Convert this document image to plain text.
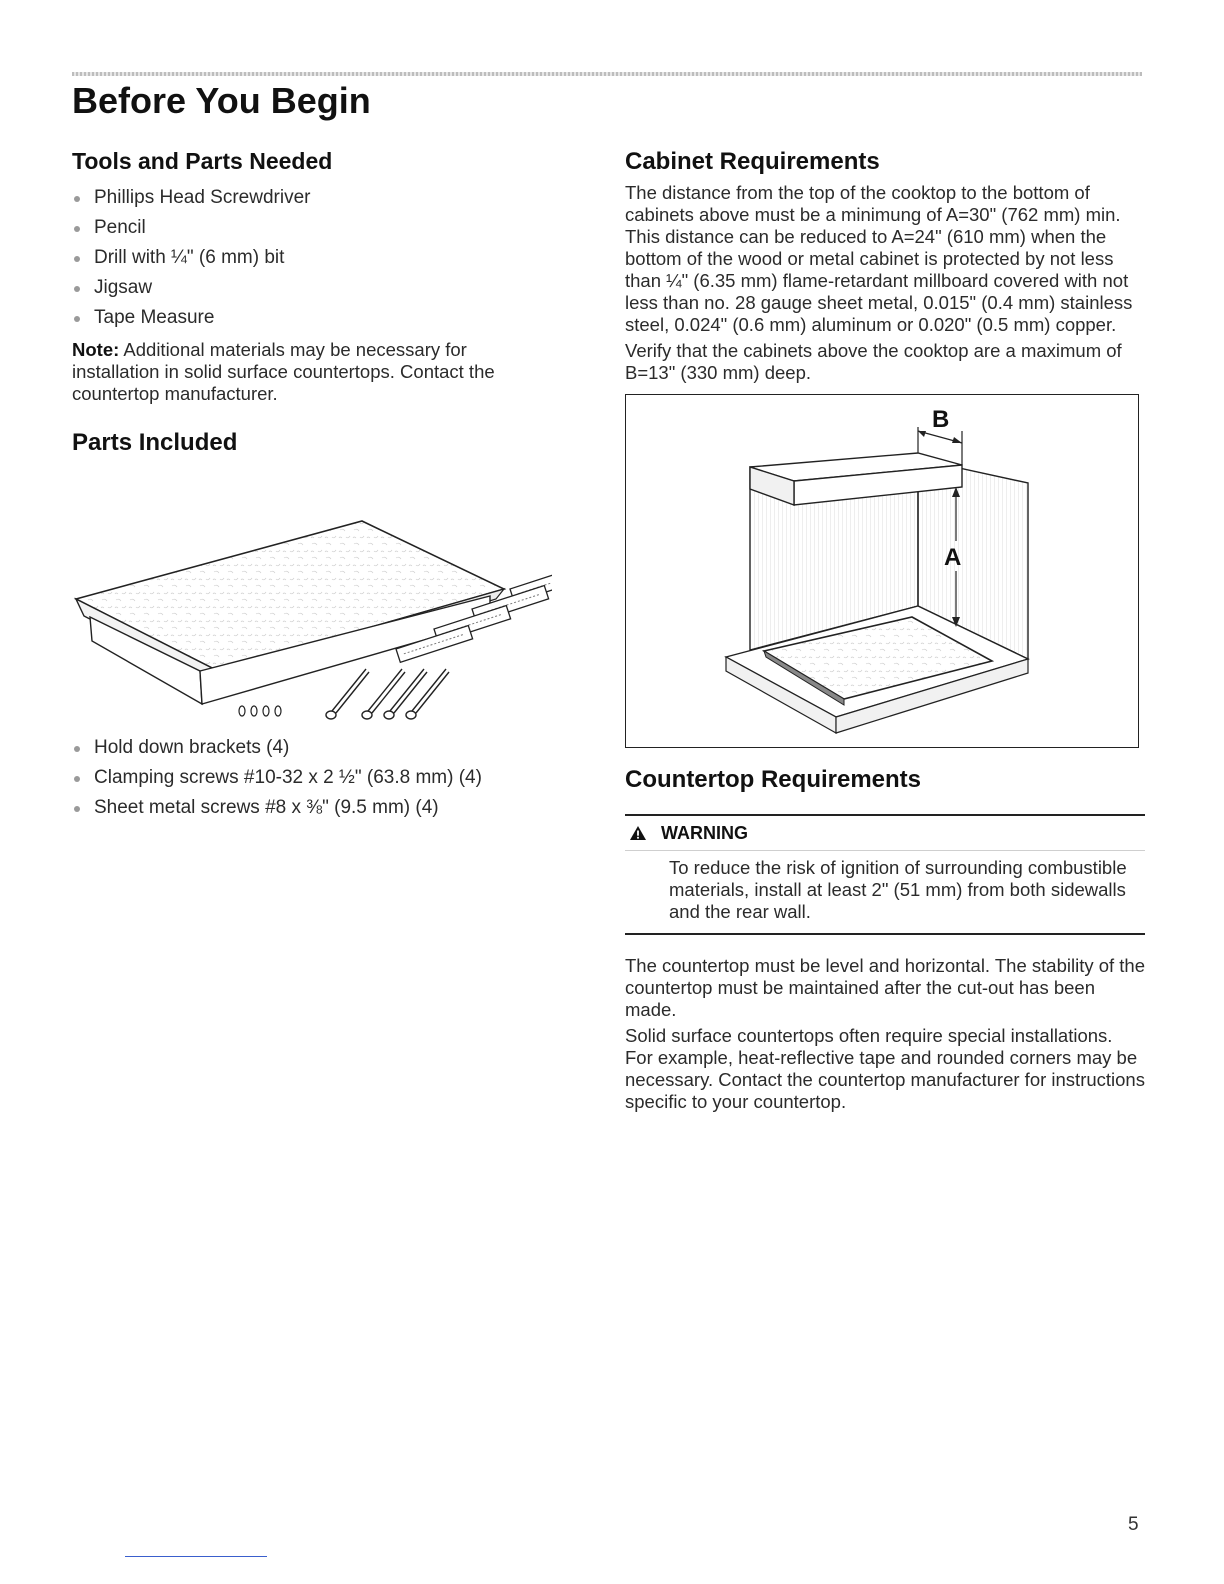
Before You Begin
Tools and Parts Needed
Phillips Head Screwdriver
Pencil
Drill with ¼" (6 mm) bit
Jigsaw
Tape Measure

Note: Additional materials may be necessary for installation in solid surface countertops. Contact the countertop manufacturer.

Parts Included
Hold down brackets (4)
Clamping screws #10-32 x 2 ½" (63.8 mm) (4)
Sheet metal screws #8 x ⅜" (9.5 mm) (4)
Cabinet Requirements

The distance from the top of the cooktop to the bottom of cabinets above must be a minimung of A=30" (762 mm) min. This distance can be reduced to A=24" (610 mm) when the bottom of the wood or metal cabinet is protected by not less than ¼" (6.35 mm) flame-retardant millboard covered with not less than no. 28 gauge sheet metal, 0.015" (0.4 mm) stainless steel, 0.024" (0.6 mm) aluminum or 0.020" (0.5 mm) copper.

Verify that the cabinets above the cooktop are a maximum of B=13" (330 mm) deep.

B
A
Countertop Requirements
WARNING
To reduce the risk of ignition of surrounding combustible materials, install at least 2" (51 mm) from both sidewalls and the rear wall.

The countertop must be level and horizontal. The stability of the countertop must be maintained after the cut-out has been made.

Solid surface countertops often require special installations. For example, heat-reflective tape and rounded corners may be necessary. Contact the countertop manufacturer for instructions specific to your countertop.

5
